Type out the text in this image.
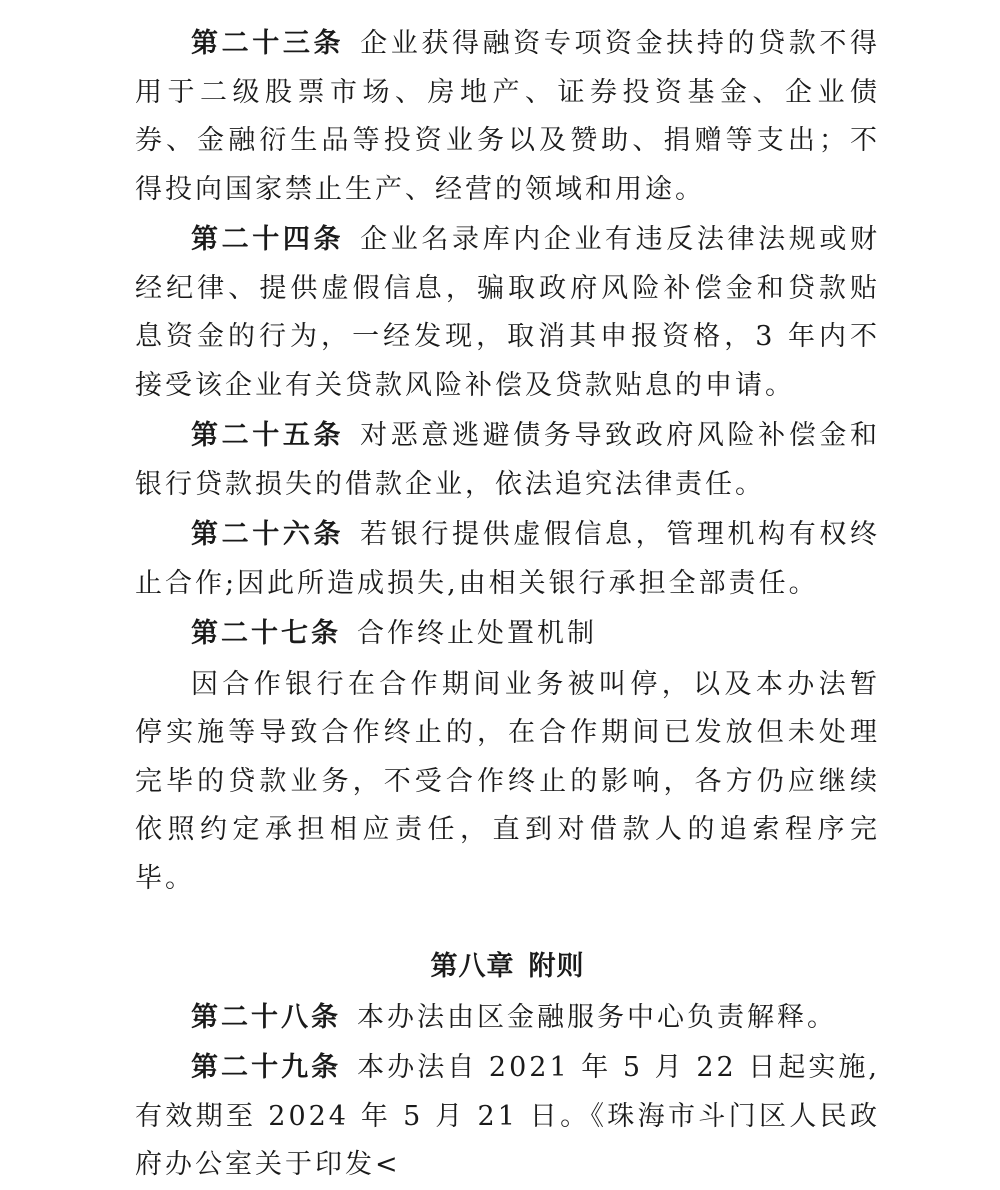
第二十三条 企业获得融资专项资金扶持的贷款不得用于二级股票市场、房地产、证券投资基金、企业债券、金融衍生品等投资业务以及赞助、捐赠等支出；不得投向国家禁止生产、经营的领域和用途。

第二十四条 企业名录库内企业有违反法律法规或财经纪律、提供虚假信息，骗取政府风险补偿金和贷款贴息资金的行为，一经发现，取消其申报资格，3 年内不接受该企业有关贷款风险补偿及贷款贴息的申请。

第二十五条 对恶意逃避债务导致政府风险补偿金和银行贷款损失的借款企业，依法追究法律责任。

第二十六条 若银行提供虚假信息，管理机构有权终止合作;因此所造成损失,由相关银行承担全部责任。

第二十七条 合作终止处置机制

因合作银行在合作期间业务被叫停，以及本办法暂停实施等导致合作终止的，在合作期间已发放但未处理完毕的贷款业务，不受合作终止的影响，各方仍应继续依照约定承担相应责任，直到对借款人的追索程序完毕。

第八章 附则

第二十八条 本办法由区金融服务中心负责解释。

第二十九条 本办法自 2021 年 5 月 22 日起实施,有效期至 2024 年 5 月 21 日。《珠海市斗门区人民政府办公室关于印发<
